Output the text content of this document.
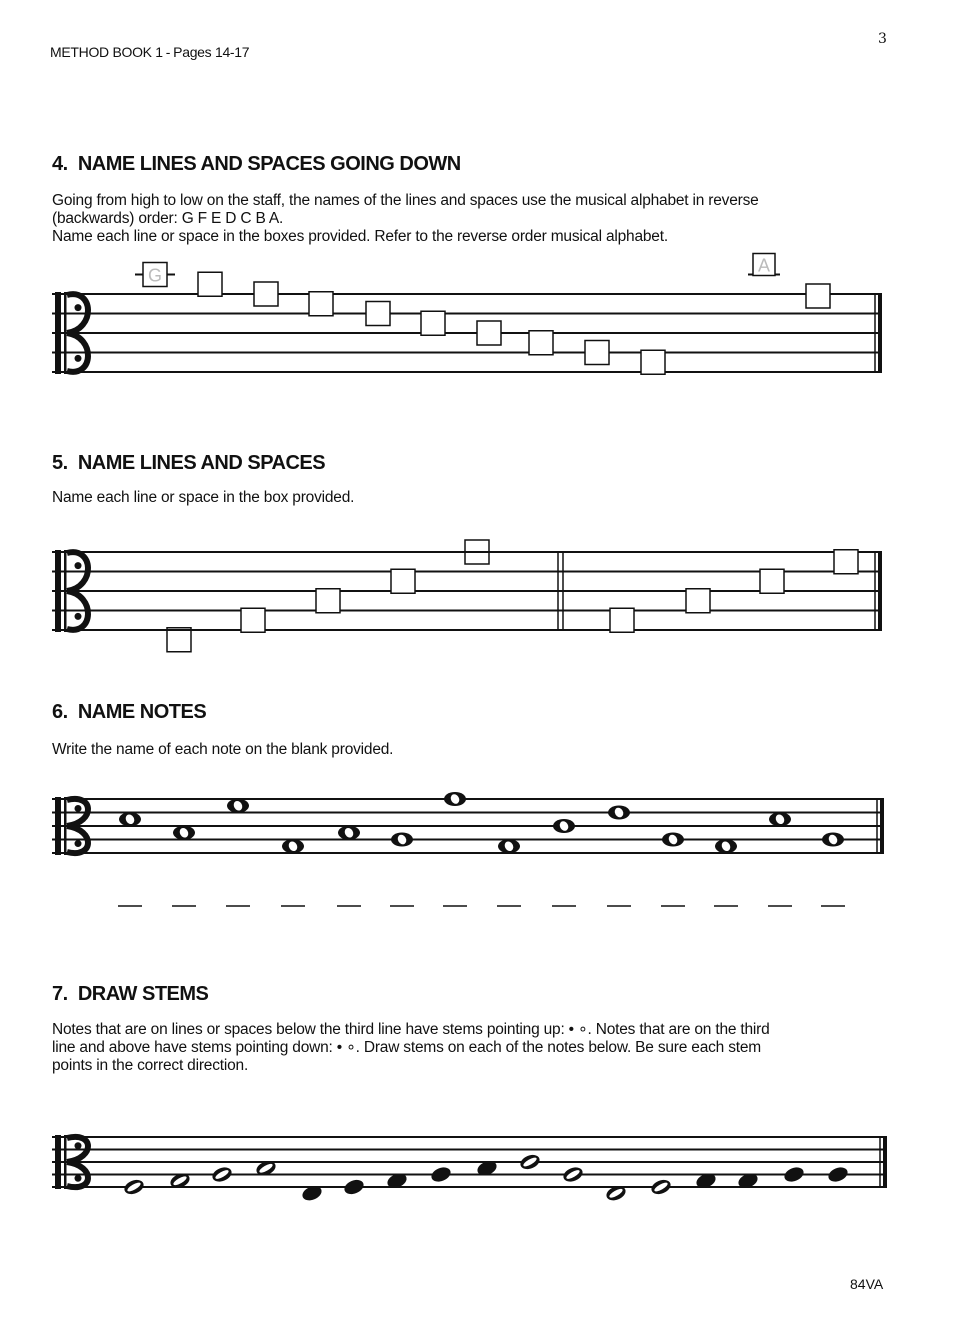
METHOD BOOK 1 - Pages 14-17
3
4. NAME LINES AND SPACES GOING DOWN
Going from high to low on the staff, the names of the lines and spaces use the musical alphabet in reverse
(backwards) order: G F E D C B A.
Name each line or space in the boxes provided. Refer to the reverse order musical alphabet.
5. NAME LINES AND SPACES
Name each line or space in the box provided.
6. NAME NOTES
Write the name of each note on the blank provided.
7. DRAW STEMS
Notes that are on lines or spaces below the third line have stems pointing up: • ∘. Notes that are on the third
line and above have stems pointing down: • ∘. Draw stems on each of the notes below. Be sure each stem
points in the correct direction.
84VA
G	A
